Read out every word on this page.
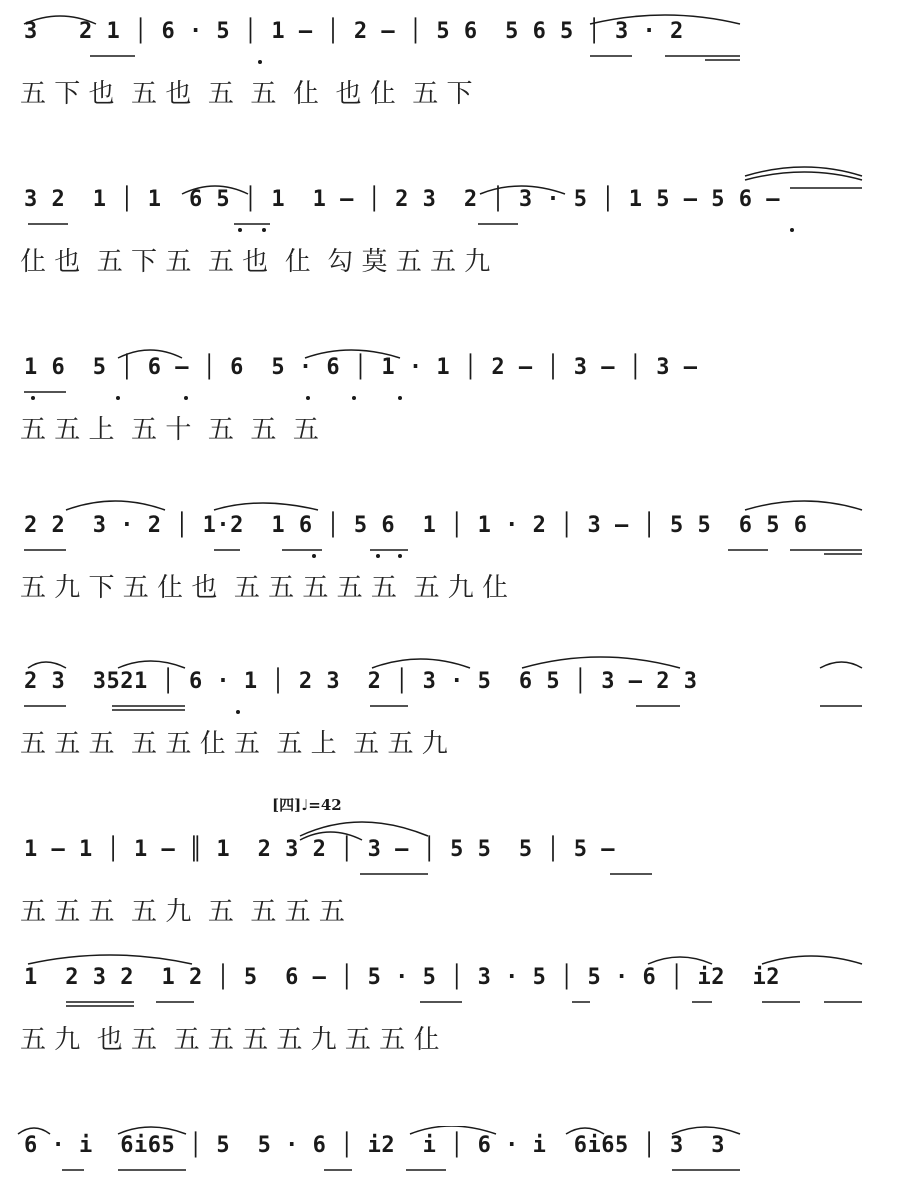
3   2 1 │ 6 · 5 │ 1 — │ 2 — │ 5 6  5 6 5 │ 3 · 2
五 下 也  五 也  五  五  仩  也 仩  五 下
3 2  1 │ 1  6 5 │ 1  1 — │ 2 3  2 │ 3 · 5 │ 1 5 — 5 6 —
仩 也  五 下 五  五 也  仩  勾 莫 五 五 九
1 6  5 │ 6 — │ 6  5 · 6 │ 1 · 1 │ 2 — │ 3 — │ 3 —
五 五 上  五 十  五  五  五
2 2  3 · 2 │ 1·2  1 6 │ 5 6  1 │ 1 · 2 │ 3 — │ 5 5  6 5 6
五 九 下 五 仩 也  五 五 五 五 五  五 九 仩
2 3  3521 │ 6 · 1 │ 2 3  2 │ 3 · 5  6 5 │ 3 — 2 3
五 五 五  五 五 仩 五  五 上  五 五 九
[四]♩=42
1 — 1 │ 1 — ║ 1  2 3 2 │ 3 — │ 5 5  5 │ 5 —
五 五 五  五 九  五  五 五 五
1  2 3 2  1 2 │ 5  6 — │ 5 · 5 │ 3 · 5 │ 5 · 6 │ i2  i2
五 九  也 五  五 五 五 五 九 五 五 仩
6 · i  6i65 │ 5  5 · 6 │ i2  i │ 6 · i  6i65 │ 3  3
